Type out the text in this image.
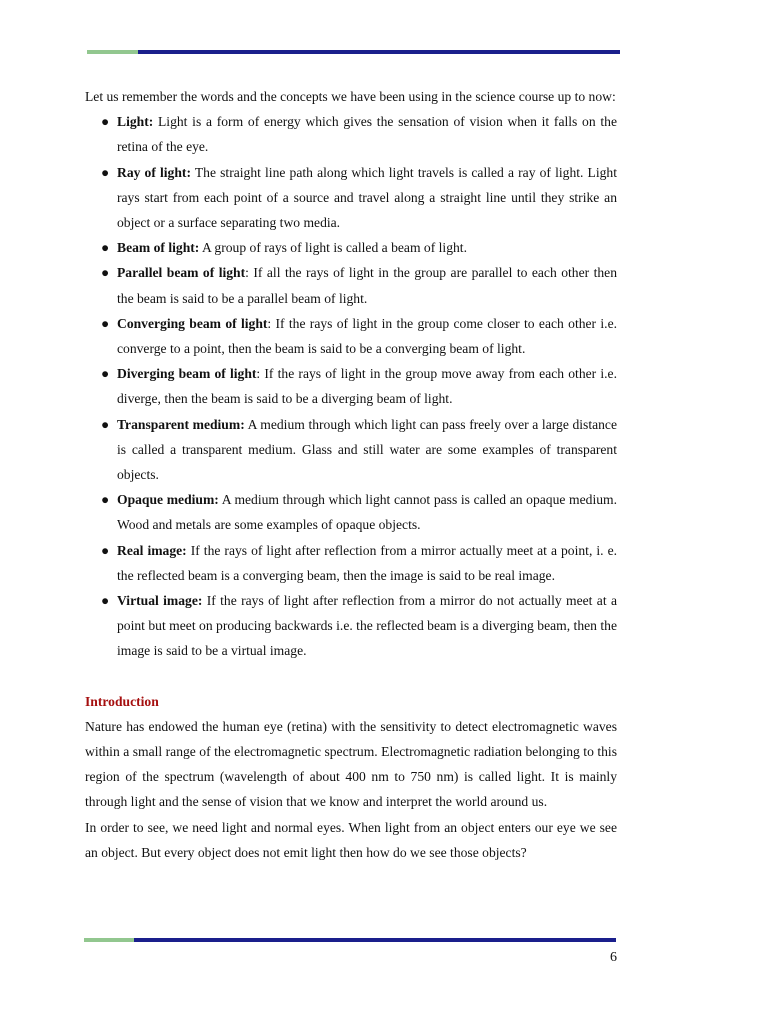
Let us remember the words and the concepts we have been using in the science course up to now:

● Light: Light is a form of energy which gives the sensation of vision when it falls on the retina of the eye.
● Ray of light: The straight line path along which light travels is called a ray of light. Light rays start from each point of a source and travel along a straight line until they strike an object or a surface separating two media.
● Beam of light: A group of rays of light is called a beam of light.
● Parallel beam of light: If all the rays of light in the group are parallel to each other then the beam is said to be a parallel beam of light.
● Converging beam of light: If the rays of light in the group come closer to each other i.e. converge to a point, then the beam is said to be a converging beam of light.
● Diverging beam of light: If the rays of light in the group move away from each other i.e. diverge, then the beam is said to be a diverging beam of light.
● Transparent medium: A medium through which light can pass freely over a large distance is called a transparent medium. Glass and still water are some examples of transparent objects.
● Opaque medium: A medium through which light cannot pass is called an opaque medium. Wood and metals are some examples of opaque objects.
● Real image: If the rays of light after reflection from a mirror actually meet at a point, i. e. the reflected beam is a converging beam, then the image is said to be real image.
● Virtual image: If the rays of light after reflection from a mirror do not actually meet at a point but meet on producing backwards i.e. the reflected beam is a diverging beam, then the image is said to be a virtual image.

Introduction

Nature has endowed the human eye (retina) with the sensitivity to detect electromagnetic waves within a small range of the electromagnetic spectrum. Electromagnetic radiation belonging to this region of the spectrum (wavelength of about 400 nm to 750 nm) is called light. It is mainly through light and the sense of vision that we know and interpret the world around us.

In order to see, we need light and normal eyes. When light from an object enters our eye we see an object. But every object does not emit light then how do we see those objects?

6
